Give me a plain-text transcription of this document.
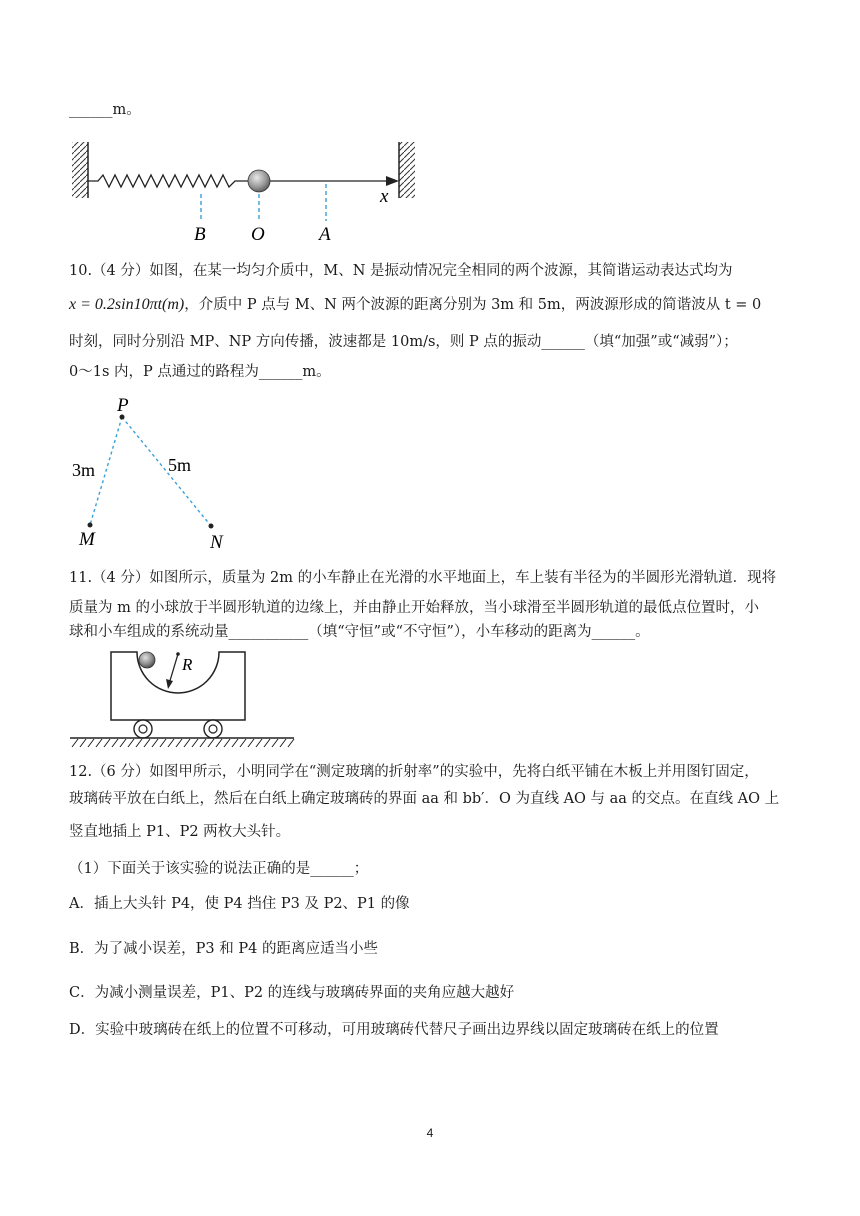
______m。
B O	A
x
10.（4 分）如图，在某一均匀介质中，M、N 是振动情况完全相同的两个波源，其简谐运动表达式均为
x = 0.2sin10πt(m)，介质中 P 点与 M、N 两个波源的距离分别为 3m 和 5m，两波源形成的简谐波从 t = 0
时刻，同时分别沿 MP、NP 方向传播，波速都是 10m/s，则 P 点的振动______（填“加强”或“减弱”）；
0～1s 内，P 点通过的路程为______m。
P
M	N
3m	5m
11.（4 分）如图所示，质量为 2m 的小车静止在光滑的水平地面上，车上装有半径为的半圆形光滑轨道．现将
质量为 m 的小球放于半圆形轨道的边缘上，并由静止开始释放，当小球滑至半圆形轨道的最低点位置时，小
球和小车组成的系统动量___________（填“守恒”或“不守恒”），小车移动的距离为______。
R
12.（6 分）如图甲所示，小明同学在“测定玻璃的折射率”的实验中，先将白纸平铺在木板上并用图钉固定，
玻璃砖平放在白纸上，然后在白纸上确定玻璃砖的界面 aa 和 bb′．O 为直线 AO 与 aa 的交点。在直线 AO 上
竖直地插上 P1、P2 两枚大头针。
（1）下面关于该实验的说法正确的是______；
A．插上大头针 P4，使 P4 挡住 P3 及 P2、P1 的像
B．为了减小误差，P3 和 P4 的距离应适当小些
C．为减小测量误差，P1、P2 的连线与玻璃砖界面的夹角应越大越好
D．实验中玻璃砖在纸上的位置不可移动，可用玻璃砖代替尺子画出边界线以固定玻璃砖在纸上的位置
4
